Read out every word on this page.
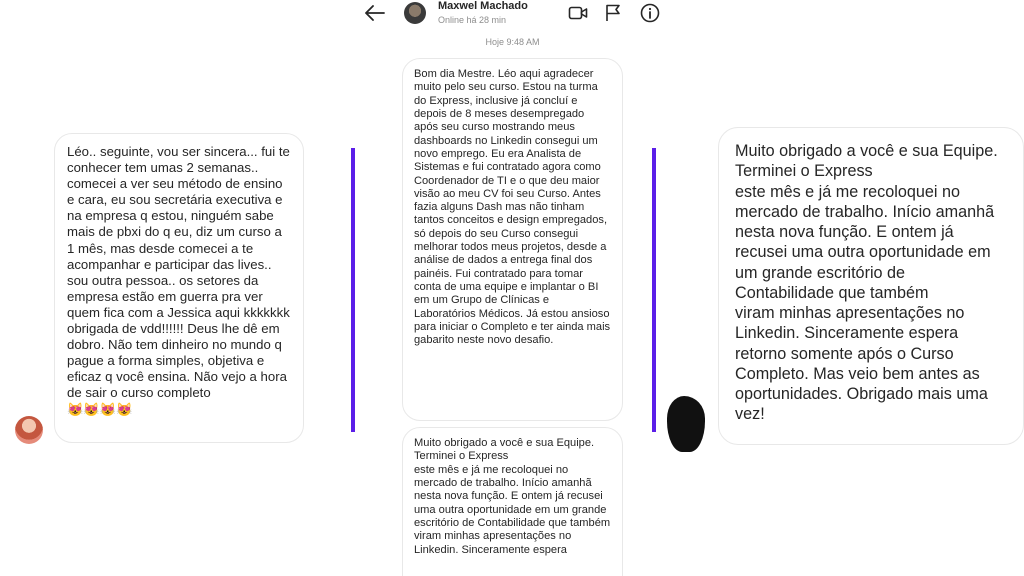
Léo.. seguinte, vou ser sincera... fui te conhecer tem umas 2 semanas.. comecei a ver seu método de ensino e cara, eu sou secretária executiva e na empresa q estou, ninguém sabe mais de pbxi do q eu, diz um curso a 1 mês, mas desde comecei a te acompanhar e participar das lives.. sou outra pessoa.. os setores da empresa estão em guerra pra ver quem fica com a Jessica aqui kkkkkkk obrigada de vdd!!!!!! Deus lhe dê em dobro. Não tem dinheiro no mundo q pague a forma simples, objetiva e eficaz q você ensina. Não vejo a hora de sair o curso completo
😻😻😻😻
Maxwel Machado
Online há 28 min
Hoje 9:48 AM
Bom dia Mestre. Léo aqui agradecer muito pelo seu curso. Estou na turma do Express, inclusive já concluí e depois de 8 meses desempregado após seu curso mostrando meus dashboards no Linkedin consegui um novo emprego. Eu era Analista de Sistemas e fui contratado agora como Coordenador de TI e o que deu maior visão ao meu CV foi seu Curso. Antes fazia alguns Dash mas não tinham tantos conceitos e design empregados, só depois do seu Curso consegui melhorar todos meus projetos, desde a análise de dados a entrega final dos painéis. Fui contratado para tomar conta de uma equipe e implantar o BI em um Grupo de Clínicas e Laboratórios Médicos. Já estou ansioso para iniciar o Completo e ter ainda mais gabarito neste novo desafio.
Muito obrigado a você e sua Equipe. Terminei o Express
este mês e já me recoloquei no mercado de trabalho. Início amanhã nesta nova função. E ontem já recusei uma outra oportunidade em um grande escritório de Contabilidade que também viram minhas apresentações no Linkedin. Sinceramente espera
Muito obrigado a você e sua Equipe. Terminei o Express
este mês e já me recoloquei no mercado de trabalho. Início amanhã nesta nova função. E ontem já recusei uma outra oportunidade em um grande escritório de Contabilidade que também
viram minhas apresentações no Linkedin. Sinceramente espera retorno somente após o Curso Completo. Mas veio bem antes as oportunidades. Obrigado mais uma vez!
